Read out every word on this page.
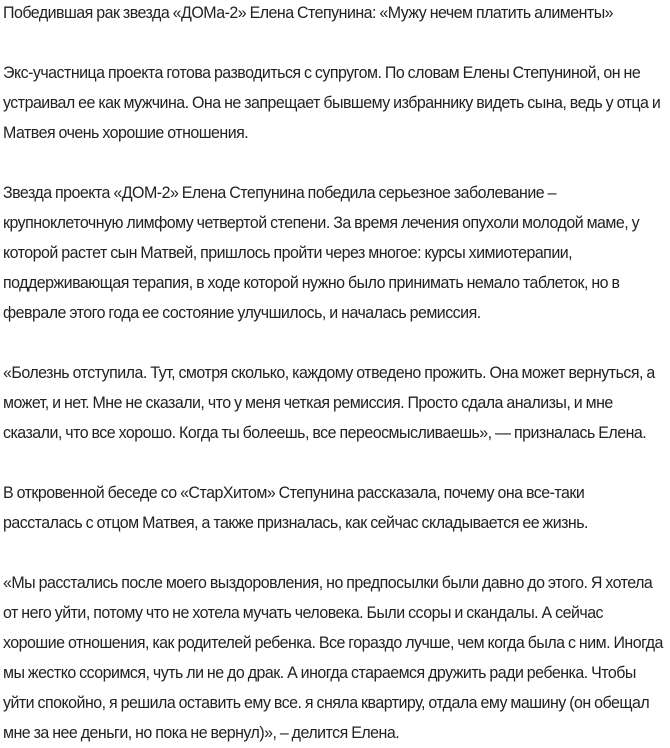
Победившая рак звезда «ДОМа-2» Елена Степунина: «Мужу нечем платить алименты»

Экс-участница проекта готова разводиться с супругом. По словам Елены Степуниной, он не устраивал ее как мужчина. Она не запрещает бывшему избраннику видеть сына, ведь у отца и Матвея очень хорошие отношения.

Звезда проекта «ДОМ-2» Елена Степунина победила серьезное заболевание – крупноклеточную лимфому четвертой степени. За время лечения опухоли молодой маме, у которой растет сын Матвей, пришлось пройти через многое: курсы химиотерапии, поддерживающая терапия, в ходе которой нужно было принимать немало таблеток, но в феврале этого года ее состояние улучшилось, и началась ремиссия.

«Болезнь отступила. Тут, смотря сколько, каждому отведено прожить. Она может вернуться, а может, и нет. Мне не сказали, что у меня четкая ремиссия. Просто сдала анализы, и мне сказали, что все хорошо. Когда ты болеешь, все переосмысливаешь», — призналась Елена.

В откровенной беседе со «СтарХитом» Степунина рассказала, почему она все-таки рассталась с отцом Матвея, а также призналась, как сейчас складывается ее жизнь.

«Мы расстались после моего выздоровления, но предпосылки были давно до этого. Я хотела от него уйти, потому что не хотела мучать человека. Были ссоры и скандалы. А сейчас хорошие отношения, как родителей ребенка. Все гораздо лучше, чем когда была с ним. Иногда мы жестко ссоримся, чуть ли не до драк. А иногда стараемся дружить ради ребенка. Чтобы уйти спокойно, я решила оставить ему все. я сняла квартиру, отдала ему машину (он обещал мне за нее деньги, но пока не вернул)», – делится Елена.
